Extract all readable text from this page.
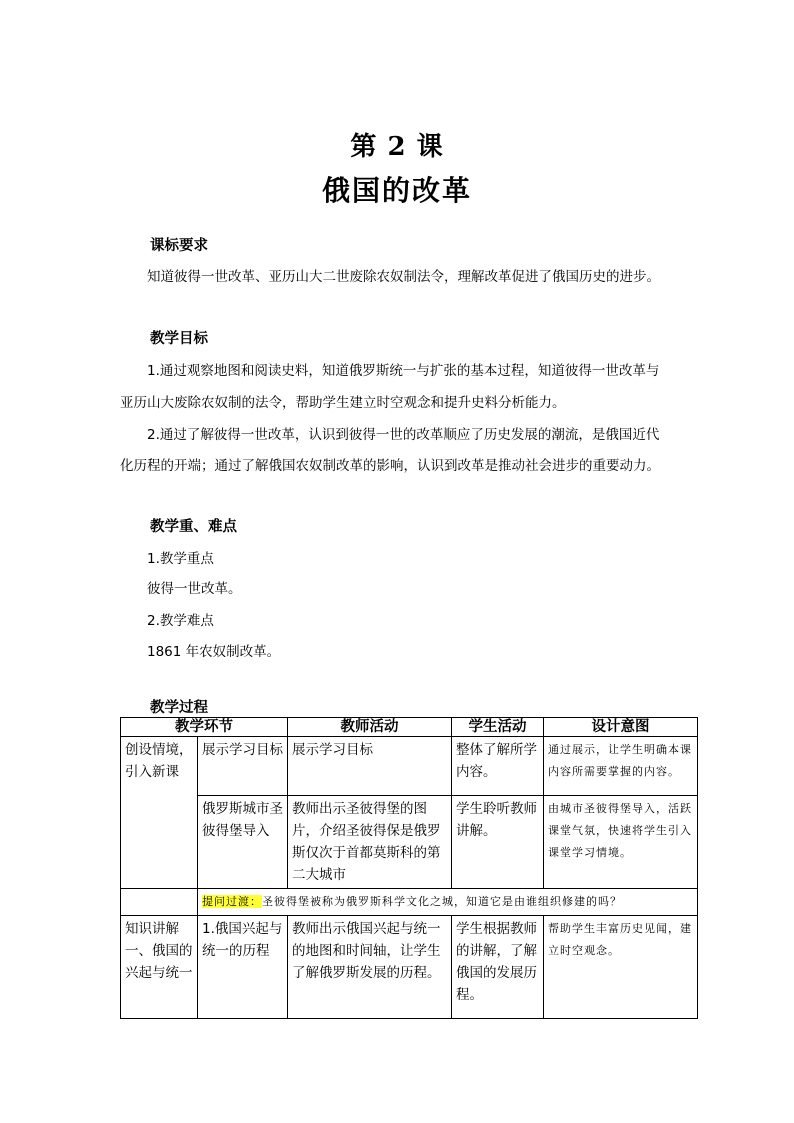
第 2 课
俄国的改革
课标要求
知道彼得一世改革、亚历山大二世废除农奴制法令，理解改革促进了俄国历史的进步。
教学目标
1.通过观察地图和阅读史料，知道俄罗斯统一与扩张的基本过程，知道彼得一世改革与
亚历山大废除农奴制的法令，帮助学生建立时空观念和提升史料分析能力。
2.通过了解彼得一世改革，认识到彼得一世的改革顺应了历史发展的潮流，是俄国近代
化历程的开端；通过了解俄国农奴制改革的影响，认识到改革是推动社会进步的重要动力。
教学重、难点
1.教学重点
彼得一世改革。
2.教学难点
1861 年农奴制改革。
教学过程
教学环节		教师活动	学生活动	设计意图
创设情境，引入新课	展示学习目标	展示学习目标	整体了解所学内容。	通过展示，让学生明确本课内容所需要掌握的内容。
	俄罗斯城市圣彼得堡导入	教师出示圣彼得堡的图片，介绍圣彼得保是俄罗斯仅次于首都莫斯科的第二大城市	学生聆听教师讲解。	由城市圣彼得堡导入，活跃课堂气氛，快速将学生引入课堂学习情境。
	提问过渡：圣彼得堡被称为俄罗斯科学文化之城，知道它是由谁组织修建的吗？			
知识讲解一、俄国的兴起与统一	1.俄国兴起与统一的历程	教师出示俄国兴起与统一的地图和时间轴，让学生了解俄罗斯发展的历程。	学生根据教师的讲解，了解俄国的发展历程。	帮助学生丰富历史见闻，建立时空观念。
